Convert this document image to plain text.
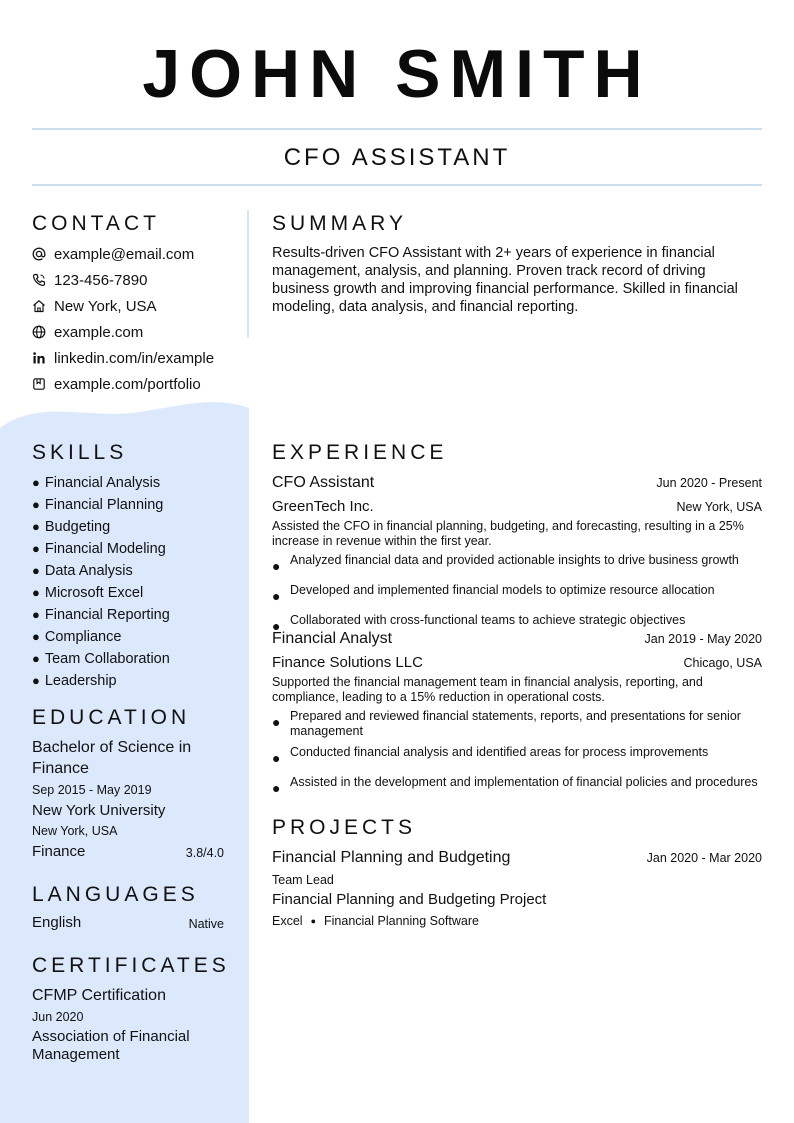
JOHN SMITH
CFO ASSISTANT
CONTACT
example@email.com
123-456-7890
New York, USA
example.com
linkedin.com/in/example
example.com/portfolio
SUMMARY
Results-driven CFO Assistant with 2+ years of experience in financial management, analysis, and planning. Proven track record of driving business growth and improving financial performance. Skilled in financial modeling, data analysis, and financial reporting.
SKILLS
● Financial Analysis
● Financial Planning
● Budgeting
● Financial Modeling
● Data Analysis
● Microsoft Excel
● Financial Reporting
● Compliance
● Team Collaboration
● Leadership
EDUCATION
Bachelor of Science in Finance
Sep 2015 - May 2019
New York University
New York, USA
Finance	3.8/4.0
LANGUAGES
English	Native
CERTIFICATES
CFMP Certification
Jun 2020
Association of Financial Management
EXPERIENCE
CFO Assistant	Jun 2020 - Present
GreenTech Inc.	New York, USA
Assisted the CFO in financial planning, budgeting, and forecasting, resulting in a 25% increase in revenue within the first year.
● Analyzed financial data and provided actionable insights to drive business growth
● Developed and implemented financial models to optimize resource allocation
● Collaborated with cross-functional teams to achieve strategic objectives
Financial Analyst	Jan 2019 - May 2020
Finance Solutions LLC	Chicago, USA
Supported the financial management team in financial analysis, reporting, and compliance, leading to a 15% reduction in operational costs.
● Prepared and reviewed financial statements, reports, and presentations for senior management
● Conducted financial analysis and identified areas for process improvements
● Assisted in the development and implementation of financial policies and procedures
PROJECTS
Financial Planning and Budgeting	Jan 2020 - Mar 2020
Team Lead
Financial Planning and Budgeting Project
Excel ● Financial Planning Software
